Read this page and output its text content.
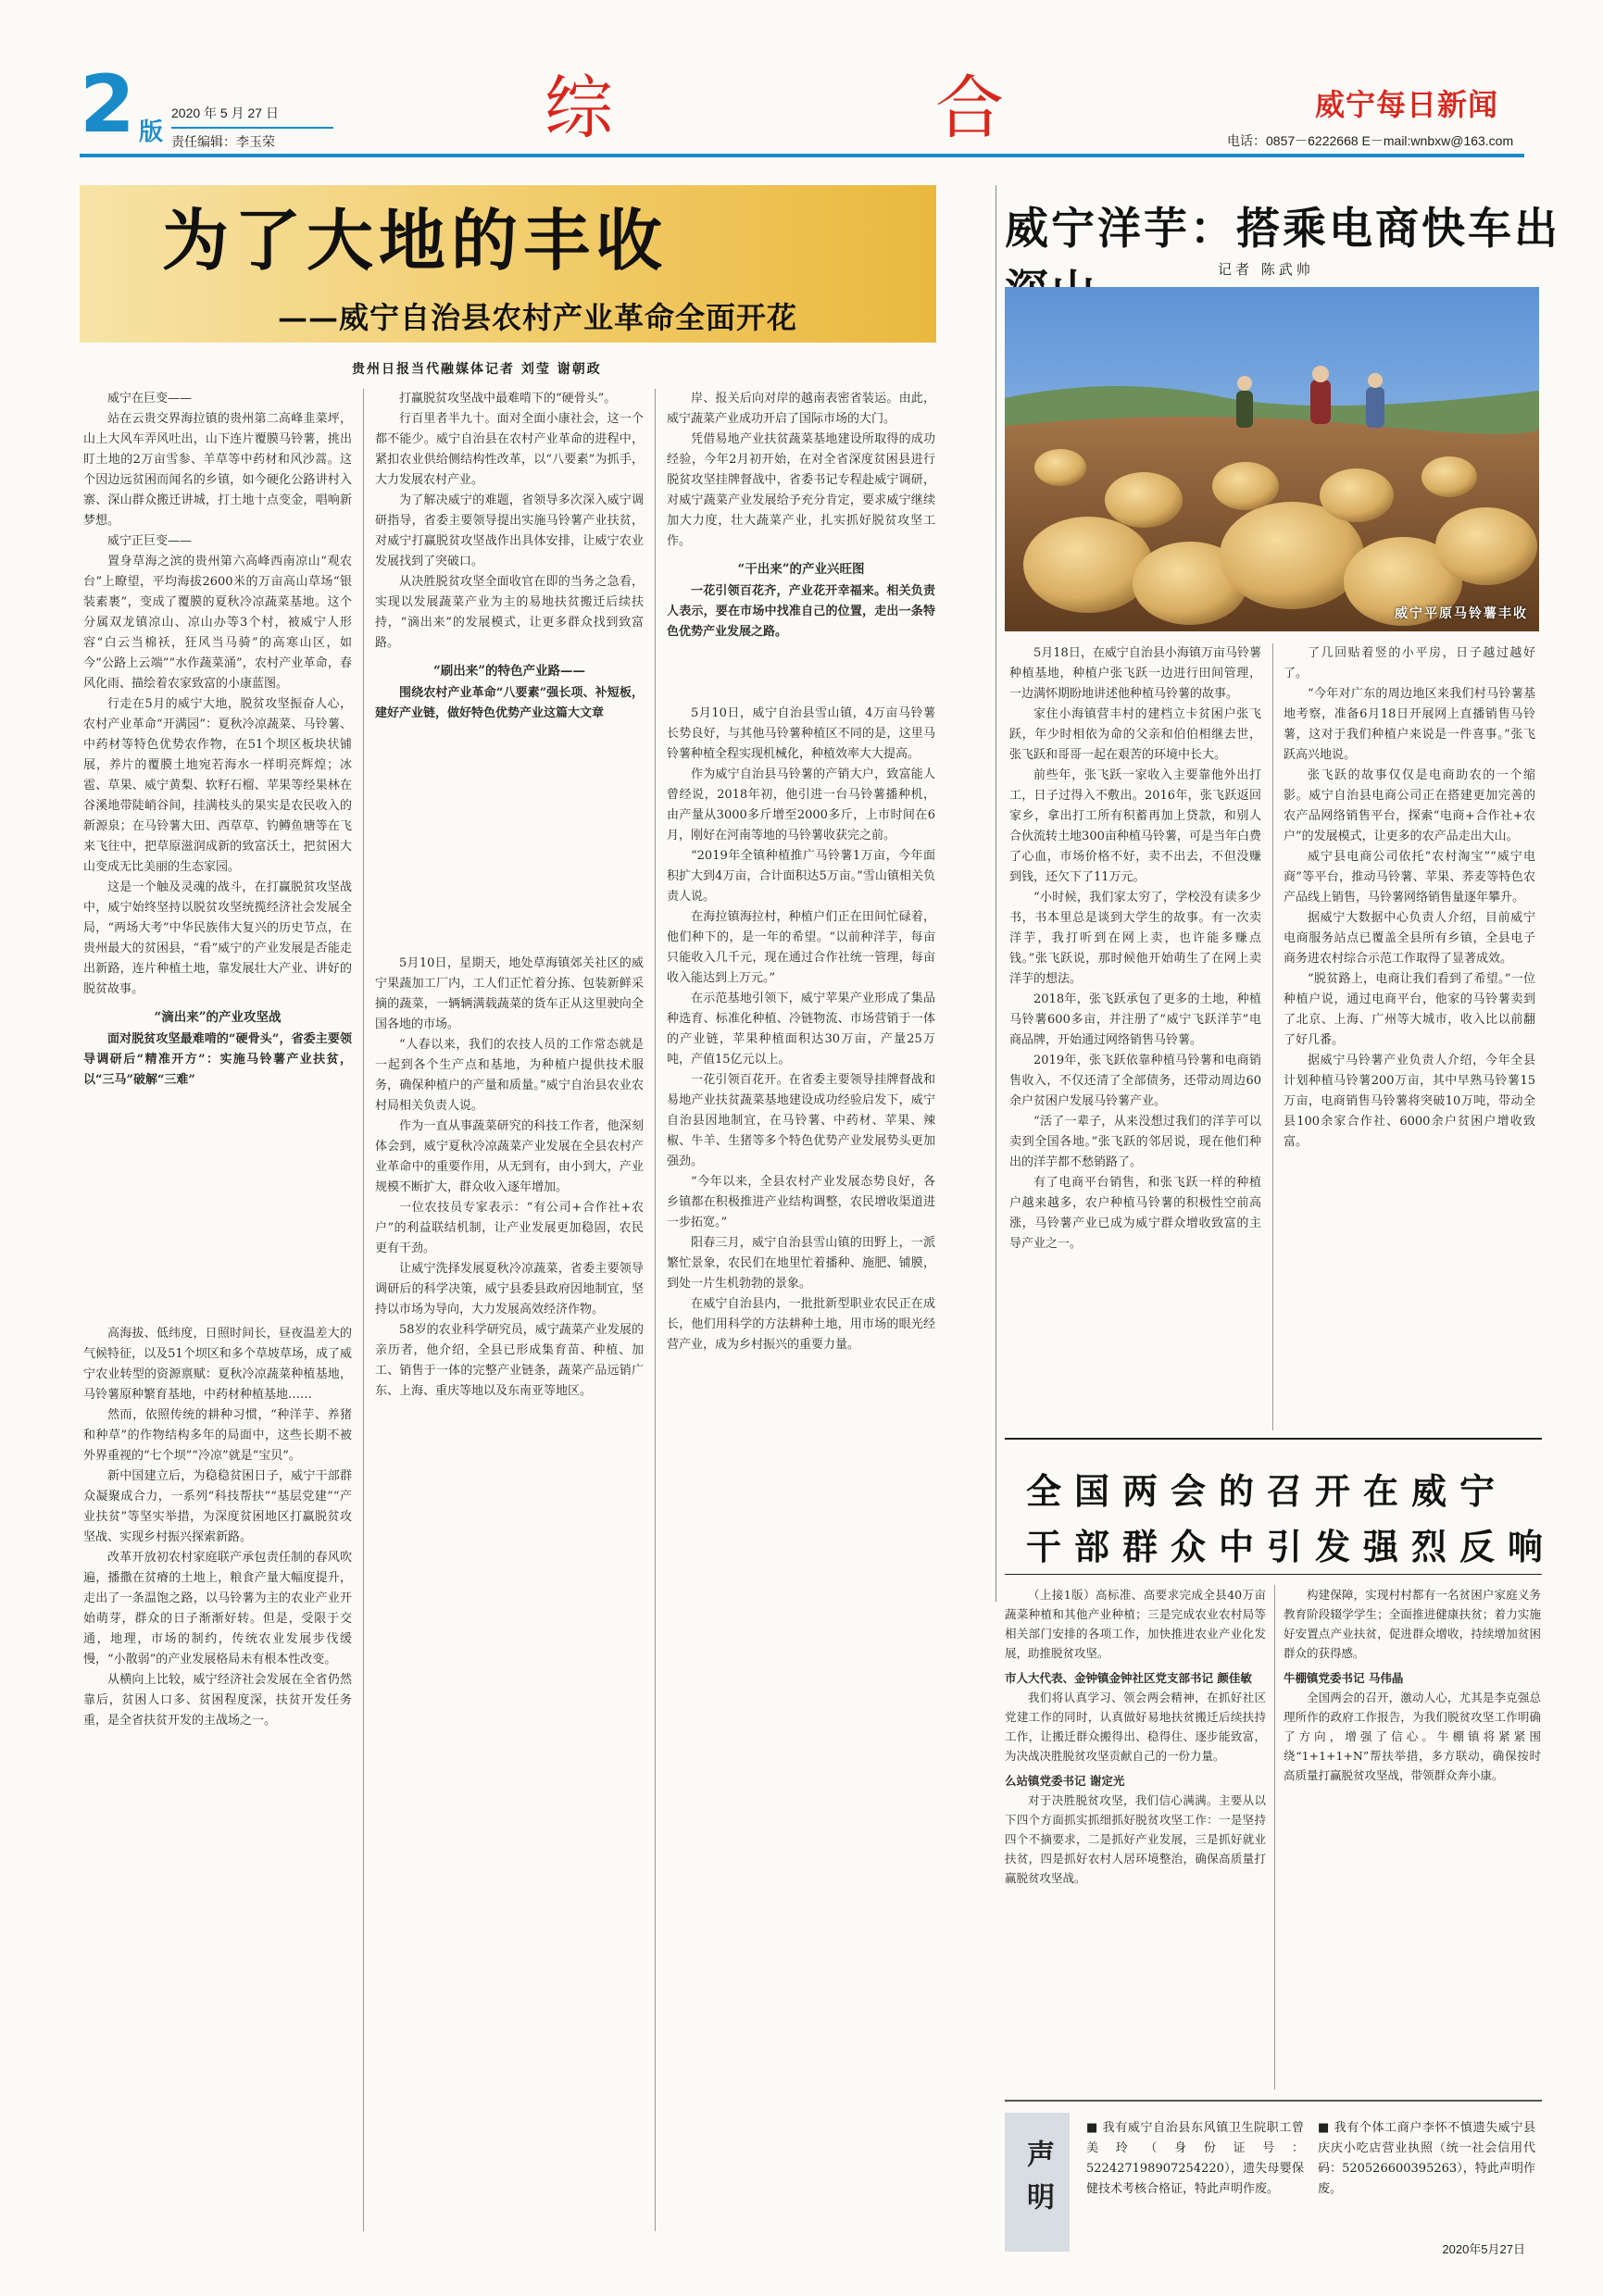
2 版
2020 年 5 月 27 日
责任编辑：李玉荣	综	合	威宁每日新闻
电话：0857－6222668 E－mail:wnbxw@163.com
为了大地的丰收
——威宁自治县农村产业革命全面开花
贵州日报当代融媒体记者 刘莹 谢朝政

威宁在巨变——

站在云贵交界海拉镇的贵州第二高峰韭菜坪，山上大风车弄风吐出，山下连片覆膜马铃薯，挑出盯土地的2万亩雪参、羊草等中药材和风沙蒿。这个因边远贫困而闻名的乡镇，如今硬化公路讲村入寨、深山群众搬迁讲城，打土地十点变金，唱响新梦想。

威宁正巨变——

置身草海之滨的贵州第六高峰西南凉山“观农台”上瞭望，平均海拔2600米的万亩高山草场“银装素裹”，变成了覆膜的夏秋冷凉蔬菜基地。这个分属双龙镇凉山、凉山办等3个村，被威宁人形容“白云当棉袄，狂风当马骑”的高寒山区，如今“公路上云端”“水作蔬菜涌”，农村产业革命，春风化雨、描绘着农家致富的小康蓝图。

行走在5月的威宁大地，脱贫攻坚振奋人心，农村产业革命“开满园”：夏秋冷凉蔬菜、马铃薯、中药材等特色优势农作物，在51个坝区板块状铺展，养片的覆膜土地宛若海水一样明亮辉煌；冰雹、草果、威宁黄梨、软籽石榴、苹果等经果林在谷溪地带陡峭谷间，挂满枝头的果实是农民收入的新源泉；在马铃薯大田、西草草、钓鳟鱼塘等在飞来飞往中，把草原滋润成新的致富沃土，把贫困大山变成无比美丽的生态家园。

这是一个触及灵魂的战斗，在打赢脱贫攻坚战中，威宁始终坚持以脱贫攻坚统揽经济社会发展全局，“两场大考”中华民族伟大复兴的历史节点，在贵州最大的贫困县，“看”威宁的产业发展是否能走出新路，连片种植土地，靠发展壮大产业、讲好的脱贫故事。

“滴出来”的产业攻坚战

面对脱贫攻坚最难啃的“硬骨头”，省委主要领导调研后“精准开方”：实施马铃薯产业扶贫，以“三马”破解“三难”

高海拔、低纬度，日照时间长，昼夜温差大的气候特征，以及51个坝区和多个草坡草场，成了威宁农业转型的资源禀赋：夏秋冷凉蔬菜种植基地，马铃薯原种繁育基地，中药材种植基地……

然而，依照传统的耕种习惯，“种洋芋、养猪和种草”的作物结构多年的局面中，这些长期不被外界重视的“七个坝”“冷凉”就是“宝贝”。

新中国建立后，为稳稳贫困日子，威宁干部群众凝聚成合力，一系列“科技帮扶”“基层党建”“产业扶贫”等坚实举措，为深度贫困地区打赢脱贫攻坚战、实现乡村振兴探索新路。

改革开放初农村家庭联产承包责任制的春风吹遍，播撒在贫瘠的土地上，粮食产量大幅度提升，走出了一条温饱之路，以马铃薯为主的农业产业开始萌芽，群众的日子渐渐好转。但是，受限于交通，地理，市场的制约，传统农业发展步伐缓慢，“小散弱”的产业发展格局未有根本性改变。

从横向上比较，威宁经济社会发展在全省仍然靠后，贫困人口多、贫困程度深，扶贫开发任务重，是全省扶贫开发的主战场之一。

打赢脱贫攻坚战中最难啃下的“硬骨头”。

行百里者半九十。面对全面小康社会，这一个都不能少。威宁自治县在农村产业革命的进程中，紧扣农业供给侧结构性改革，以“八要素”为抓手，大力发展农村产业。

为了解决威宁的难题，省领导多次深入威宁调研指导，省委主要领导提出实施马铃薯产业扶贫，对威宁打赢脱贫攻坚战作出具体安排，让威宁农业发展找到了突破口。

从决胜脱贫攻坚全面收官在即的当务之急看，实现以发展蔬菜产业为主的易地扶贫搬迁后续扶持，“滴出来”的发展模式，让更多群众找到致富路。

“刷出来”的特色产业路——

围绕农村产业革命“八要素”强长项、补短板，建好产业链，做好特色优势产业这篇大文章

5月10日，星期天，地处草海镇郊关社区的威宁果蔬加工厂内，工人们正忙着分拣、包装新鲜采摘的蔬菜，一辆辆满载蔬菜的货车正从这里驶向全国各地的市场。

“人春以来，我们的农技人员的工作常态就是一起到各个生产点和基地，为种植户提供技术服务，确保种植户的产量和质量。”威宁自治县农业农村局相关负责人说。

作为一直从事蔬菜研究的科技工作者，他深刻体会到，威宁夏秋冷凉蔬菜产业发展在全县农村产业革命中的重要作用，从无到有，由小到大，产业规模不断扩大，群众收入逐年增加。

一位农技员专家表示：“有公司+合作社+农户”的利益联结机制，让产业发展更加稳固，农民更有干劲。

让威宁洗择发展夏秋冷凉蔬菜，省委主要领导调研后的科学决策，威宁县委县政府因地制宜，坚持以市场为导向，大力发展高效经济作物。

58岁的农业科学研究员，威宁蔬菜产业发展的亲历者，他介绍，全县已形成集育苗、种植、加工、销售于一体的完整产业链条，蔬菜产品远销广东、上海、重庆等地以及东南亚等地区。

岸、报关后向对岸的越南表密省装运。由此，威宁蔬菜产业成功开启了国际市场的大门。

凭借易地产业扶贫蔬菜基地建设所取得的成功经验，今年2月初开始，在对全省深度贫困县进行脱贫攻坚挂牌督战中，省委书记专程赴威宁调研，对威宁蔬菜产业发展给予充分肯定，要求威宁继续加大力度，壮大蔬菜产业，扎实抓好脱贫攻坚工作。

“干出来”的产业兴旺图

一花引领百花齐，产业花开幸福来。相关负责人表示，要在市场中找准自己的位置，走出一条特色优势产业发展之路。

5月10日，威宁自治县雪山镇，4万亩马铃薯长势良好，与其他马铃薯种植区不同的是，这里马铃薯种植全程实现机械化，种植效率大大提高。

作为威宁自治县马铃薯的产销大户，致富能人曾经说，2018年初，他引进一台马铃薯播种机，由产量从3000多斤增至2000多斤，上市时间在6月，刚好在河南等地的马铃薯收获完之前。

“2019年全镇种植推广马铃薯1万亩，今年面积扩大到4万亩，合计面积达5万亩。”雪山镇相关负责人说。

在海拉镇海拉村，种植户们正在田间忙碌着，他们种下的，是一年的希望。“以前种洋芋，每亩只能收入几千元，现在通过合作社统一管理，每亩收入能达到上万元。”

在示范基地引领下，威宁苹果产业形成了集品种选育、标准化种植、冷链物流、市场营销于一体的产业链，苹果种植面积达30万亩，产量25万吨，产值15亿元以上。

一花引领百花开。在省委主要领导挂牌督战和易地产业扶贫蔬菜基地建设成功经验启发下，威宁自治县因地制宜，在马铃薯、中药材、苹果、辣椒、牛羊、生猪等多个特色优势产业发展势头更加强劲。

“今年以来，全县农村产业发展态势良好，各乡镇都在积极推进产业结构调整，农民增收渠道进一步拓宽。”

阳春三月，威宁自治县雪山镇的田野上，一派繁忙景象，农民们在地里忙着播种、施肥、铺膜，到处一片生机勃勃的景象。

在威宁自治县内，一批批新型职业农民正在成长，他们用科学的方法耕种土地，用市场的眼光经营产业，成为乡村振兴的重要力量。

威宁洋芋：搭乘电商快车出
记者 陈武帅
威宁平原马铃薯丰收

5月18日，在威宁自治县小海镇万亩马铃薯种植基地，种植户张飞跃一边进行田间管理，一边满怀期盼地讲述他种植马铃薯的故事。

家住小海镇营丰村的建档立卡贫困户张飞跃，年少时相依为命的父亲和伯伯相继去世，张飞跃和哥哥一起在艰苦的环境中长大。

前些年，张飞跃一家收入主要靠他外出打工，日子过得入不敷出。2016年，张飞跃返回家乡，拿出打工所有积蓄再加上贷款，和别人合伙流转土地300亩种植马铃薯，可是当年白费了心血，市场价格不好，卖不出去，不但没赚到钱，还欠下了11万元。

“小时候，我们家太穷了，学校没有读多少书，书本里总是谈到大学生的故事。有一次卖洋芋，我打听到在网上卖，也许能多赚点钱。”张飞跃说，那时候他开始萌生了在网上卖洋芋的想法。

2018年，张飞跃承包了更多的土地，种植马铃薯600多亩，并注册了“威宁飞跃洋芋”电商品牌，开始通过网络销售马铃薯。

2019年，张飞跃依靠种植马铃薯和电商销售收入，不仅还清了全部债务，还带动周边60余户贫困户发展马铃薯产业。

“活了一辈子，从来没想过我们的洋芋可以卖到全国各地。”张飞跃的邻居说，现在他们种出的洋芋都不愁销路了。

有了电商平台销售，和张飞跃一样的种植户越来越多，农户种植马铃薯的积极性空前高涨，马铃薯产业已成为威宁群众增收致富的主导产业之一。

了几回贴着竖的小平房，日子越过越好了。

“今年对广东的周边地区来我们村马铃薯基地考察，准备6月18日开展网上直播销售马铃薯，这对于我们种植户来说是一件喜事。”张飞跃高兴地说。

张飞跃的故事仅仅是电商助农的一个缩影。威宁自治县电商公司正在搭建更加完善的农产品网络销售平台，探索“电商+合作社+农户”的发展模式，让更多的农产品走出大山。

威宁县电商公司依托“农村淘宝”“威宁电商”等平台，推动马铃薯、苹果、荞麦等特色农产品线上销售，马铃薯网络销售量逐年攀升。

据威宁大数据中心负责人介绍，目前威宁电商服务站点已覆盖全县所有乡镇，全县电子商务进农村综合示范工作取得了显著成效。

“脱贫路上，电商让我们看到了希望。”一位种植户说，通过电商平台，他家的马铃薯卖到了北京、上海、广州等大城市，收入比以前翻了好几番。

据威宁马铃薯产业负责人介绍，今年全县计划种植马铃薯200万亩，其中早熟马铃薯15万亩，电商销售马铃薯将突破10万吨，带动全县100余家合作社、6000余户贫困户增收致富。

全国两会的召开在威宁
干部群众中引发强烈反响

（上接1版）高标准、高要求完成全县40万亩蔬菜种植和其他产业种植；三是完成农业农村局等相关部门安排的各项工作，加快推进农业产业化发展，助推脱贫攻坚。

市人大代表、金钟镇金钟社区党支部书记 颜佳敏

我们将认真学习、领会两会精神，在抓好社区党建工作的同时，认真做好易地扶贫搬迁后续扶持工作，让搬迁群众搬得出、稳得住、逐步能致富，为决战决胜脱贫攻坚贡献自己的一份力量。

么站镇党委书记 谢定光

对于决胜脱贫攻坚，我们信心满满。主要从以下四个方面抓实抓细抓好脱贫攻坚工作：一是坚持四个不摘要求，二是抓好产业发展，三是抓好就业扶贫，四是抓好农村人居环境整治，确保高质量打赢脱贫攻坚战。

构建保障，实现村村都有一名贫困户家庭义务教育阶段辍学学生；全面推进健康扶贫；着力实施好安置点产业扶贫，促进群众增收，持续增加贫困群众的获得感。

牛棚镇党委书记 马伟晶

全国两会的召开，激动人心，尤其是李克强总理所作的政府工作报告，为我们脱贫攻坚工作明确了方向，增强了信心。牛棚镇将紧紧围绕“1+1+1+N”帮扶举措，多方联动，确保按时高质量打赢脱贫攻坚战，带领群众奔小康。

声明
■ 我有威宁自治县东风镇卫生院职工曾美玲（身份证号：522427198907254220），遗失母婴保健技术考核合格证，特此声明作废。
■ 我有个体工商户李怀不慎遗失威宁县庆庆小吃店营业执照（统一社会信用代码：520526600395263），特此声明作废。
2020年5月27日
